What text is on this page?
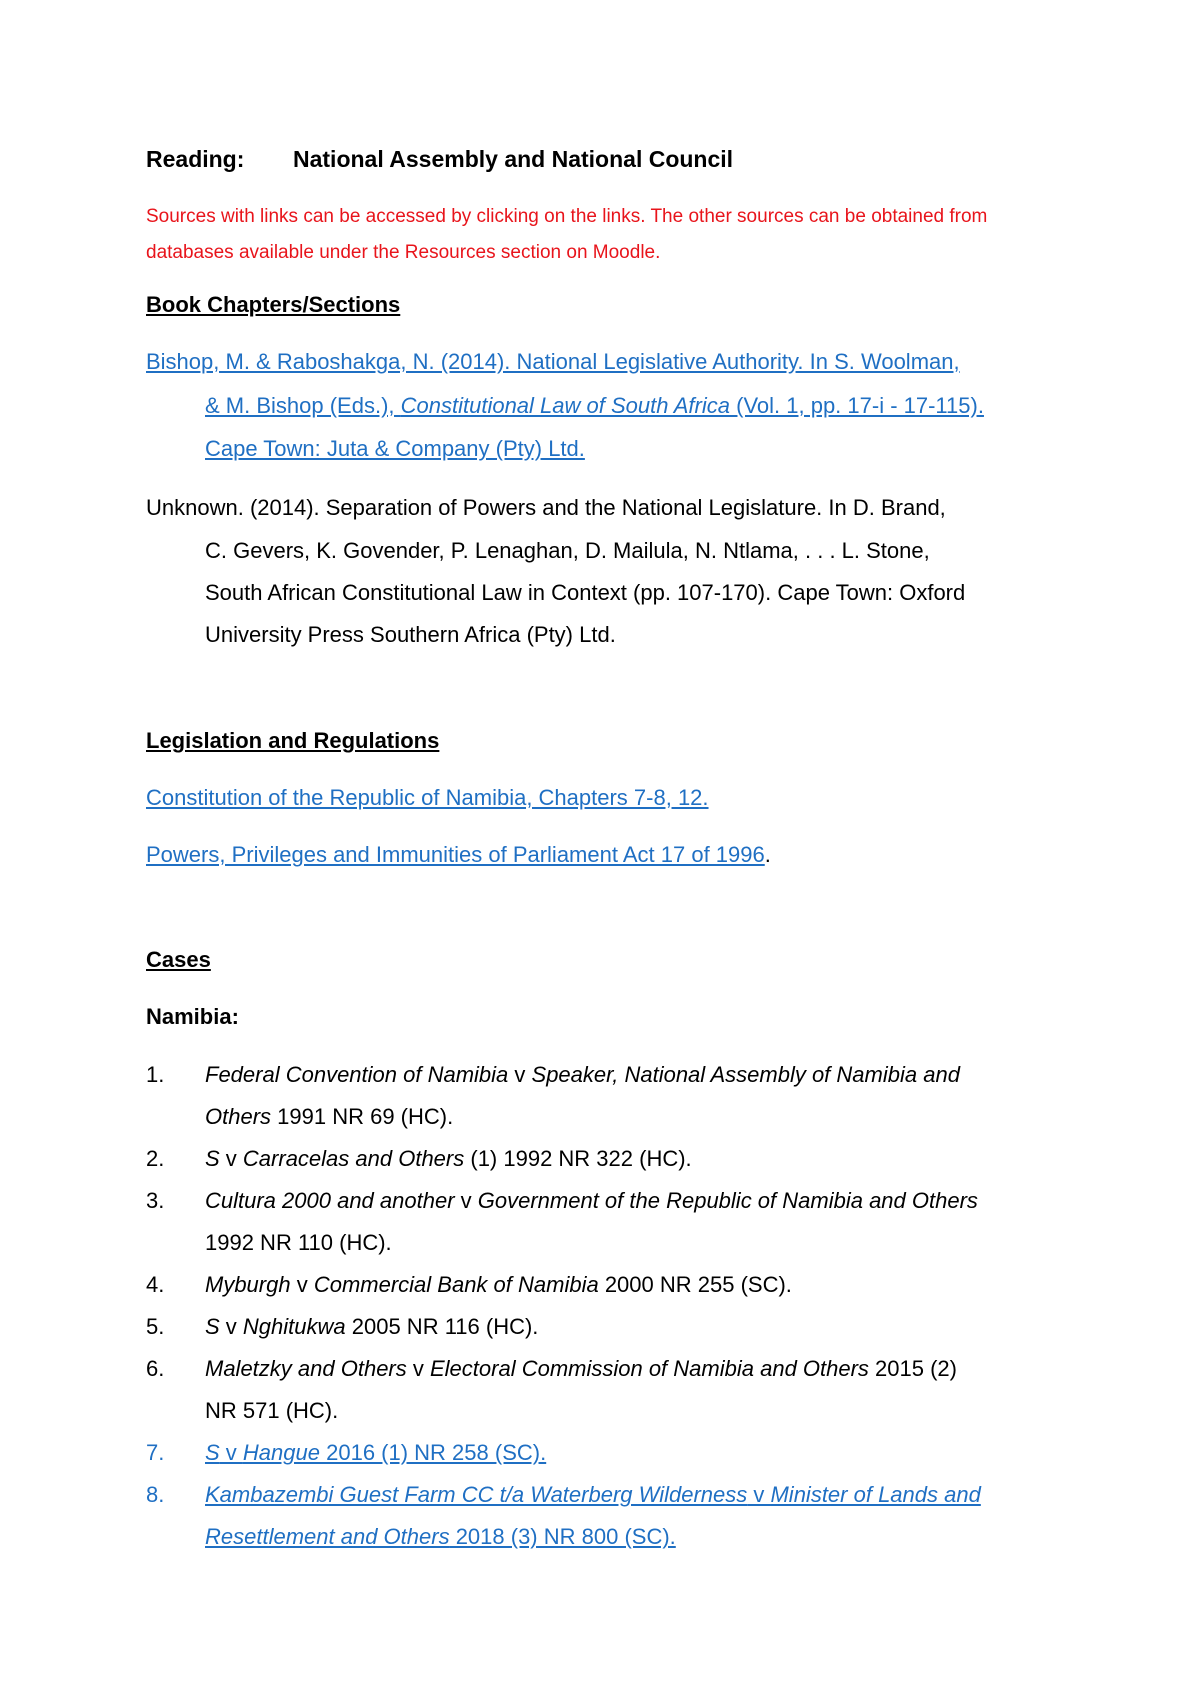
Reading: National Assembly and National Council
Sources with links can be accessed by clicking on the links. The other sources can be obtained from
databases available under the Resources section on Moodle.
Book Chapters/Sections
Bishop, M. & Raboshakga, N. (2014). National Legislative Authority. In S. Woolman,
& M. Bishop (Eds.), Constitutional Law of South Africa (Vol. 1, pp. 17-i - 17-115).
Cape Town: Juta & Company (Pty) Ltd.
Unknown. (2014). Separation of Powers and the National Legislature. In D. Brand,
C. Gevers, K. Govender, P. Lenaghan, D. Mailula, N. Ntlama, . . . L. Stone,
South African Constitutional Law in Context (pp. 107-170). Cape Town: Oxford
University Press Southern Africa (Pty) Ltd.
Legislation and Regulations
Constitution of the Republic of Namibia, Chapters 7-8, 12.
Powers, Privileges and Immunities of Parliament Act 17 of 1996.
Cases
Namibia:
1. Federal Convention of Namibia v Speaker, National Assembly of Namibia and
Others 1991 NR 69 (HC).
2. S v Carracelas and Others (1) 1992 NR 322 (HC).
3. Cultura 2000 and another v Government of the Republic of Namibia and Others
1992 NR 110 (HC).
4. Myburgh v Commercial Bank of Namibia 2000 NR 255 (SC).
5. S v Nghitukwa 2005 NR 116 (HC).
6. Maletzky and Others v Electoral Commission of Namibia and Others 2015 (2)
NR 571 (HC).
7. S v Hangue 2016 (1) NR 258 (SC).
8. Kambazembi Guest Farm CC t/a Waterberg Wilderness v Minister of Lands and
Resettlement and Others 2018 (3) NR 800 (SC).
